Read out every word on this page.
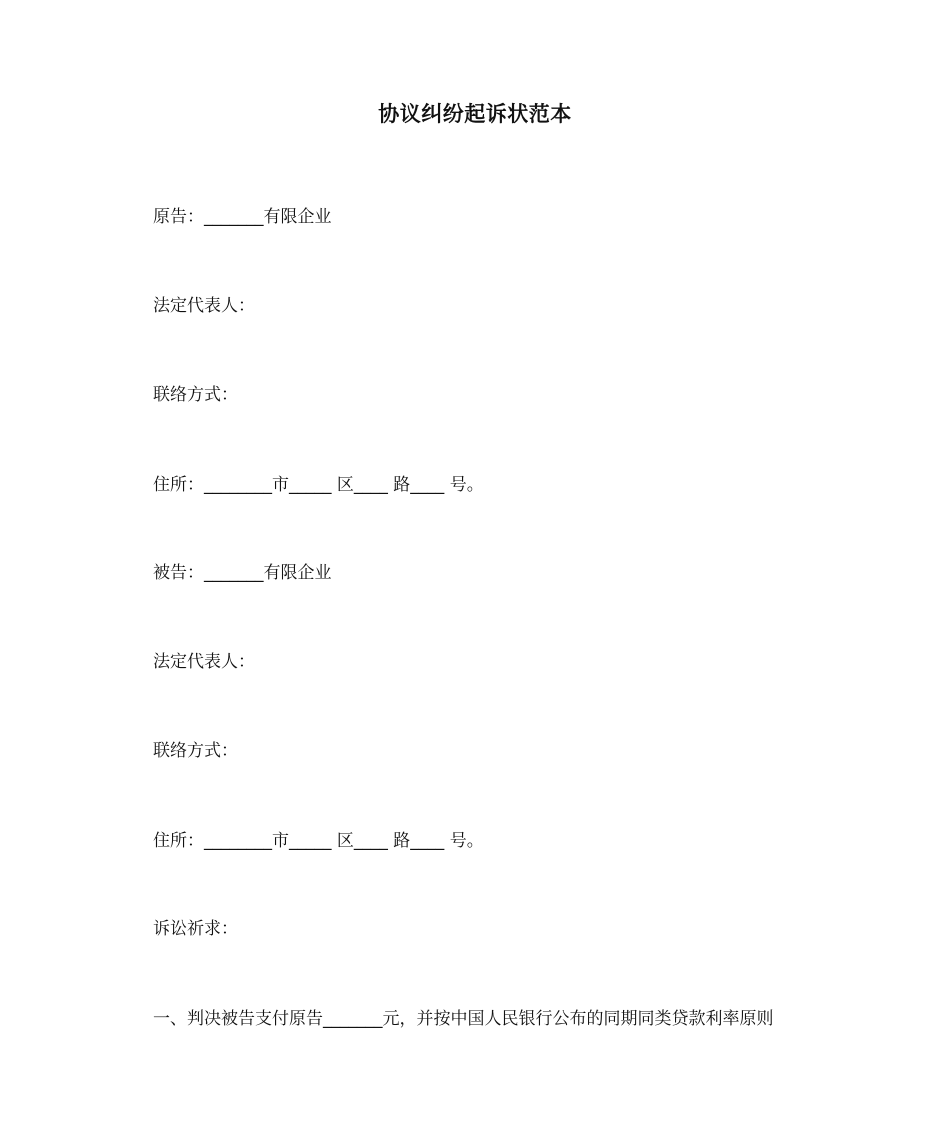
协议纠纷起诉状范本
原告：_______有限企业
法定代表人：
联络方式：
住所：________市_____ 区____ 路____ 号。
被告：_______有限企业
法定代表人：
联络方式：
住所：________市_____ 区____ 路____ 号。
诉讼祈求：
一、判决被告支付原告_______元，并按中国人民银行公布的同期同类贷款利率原则
